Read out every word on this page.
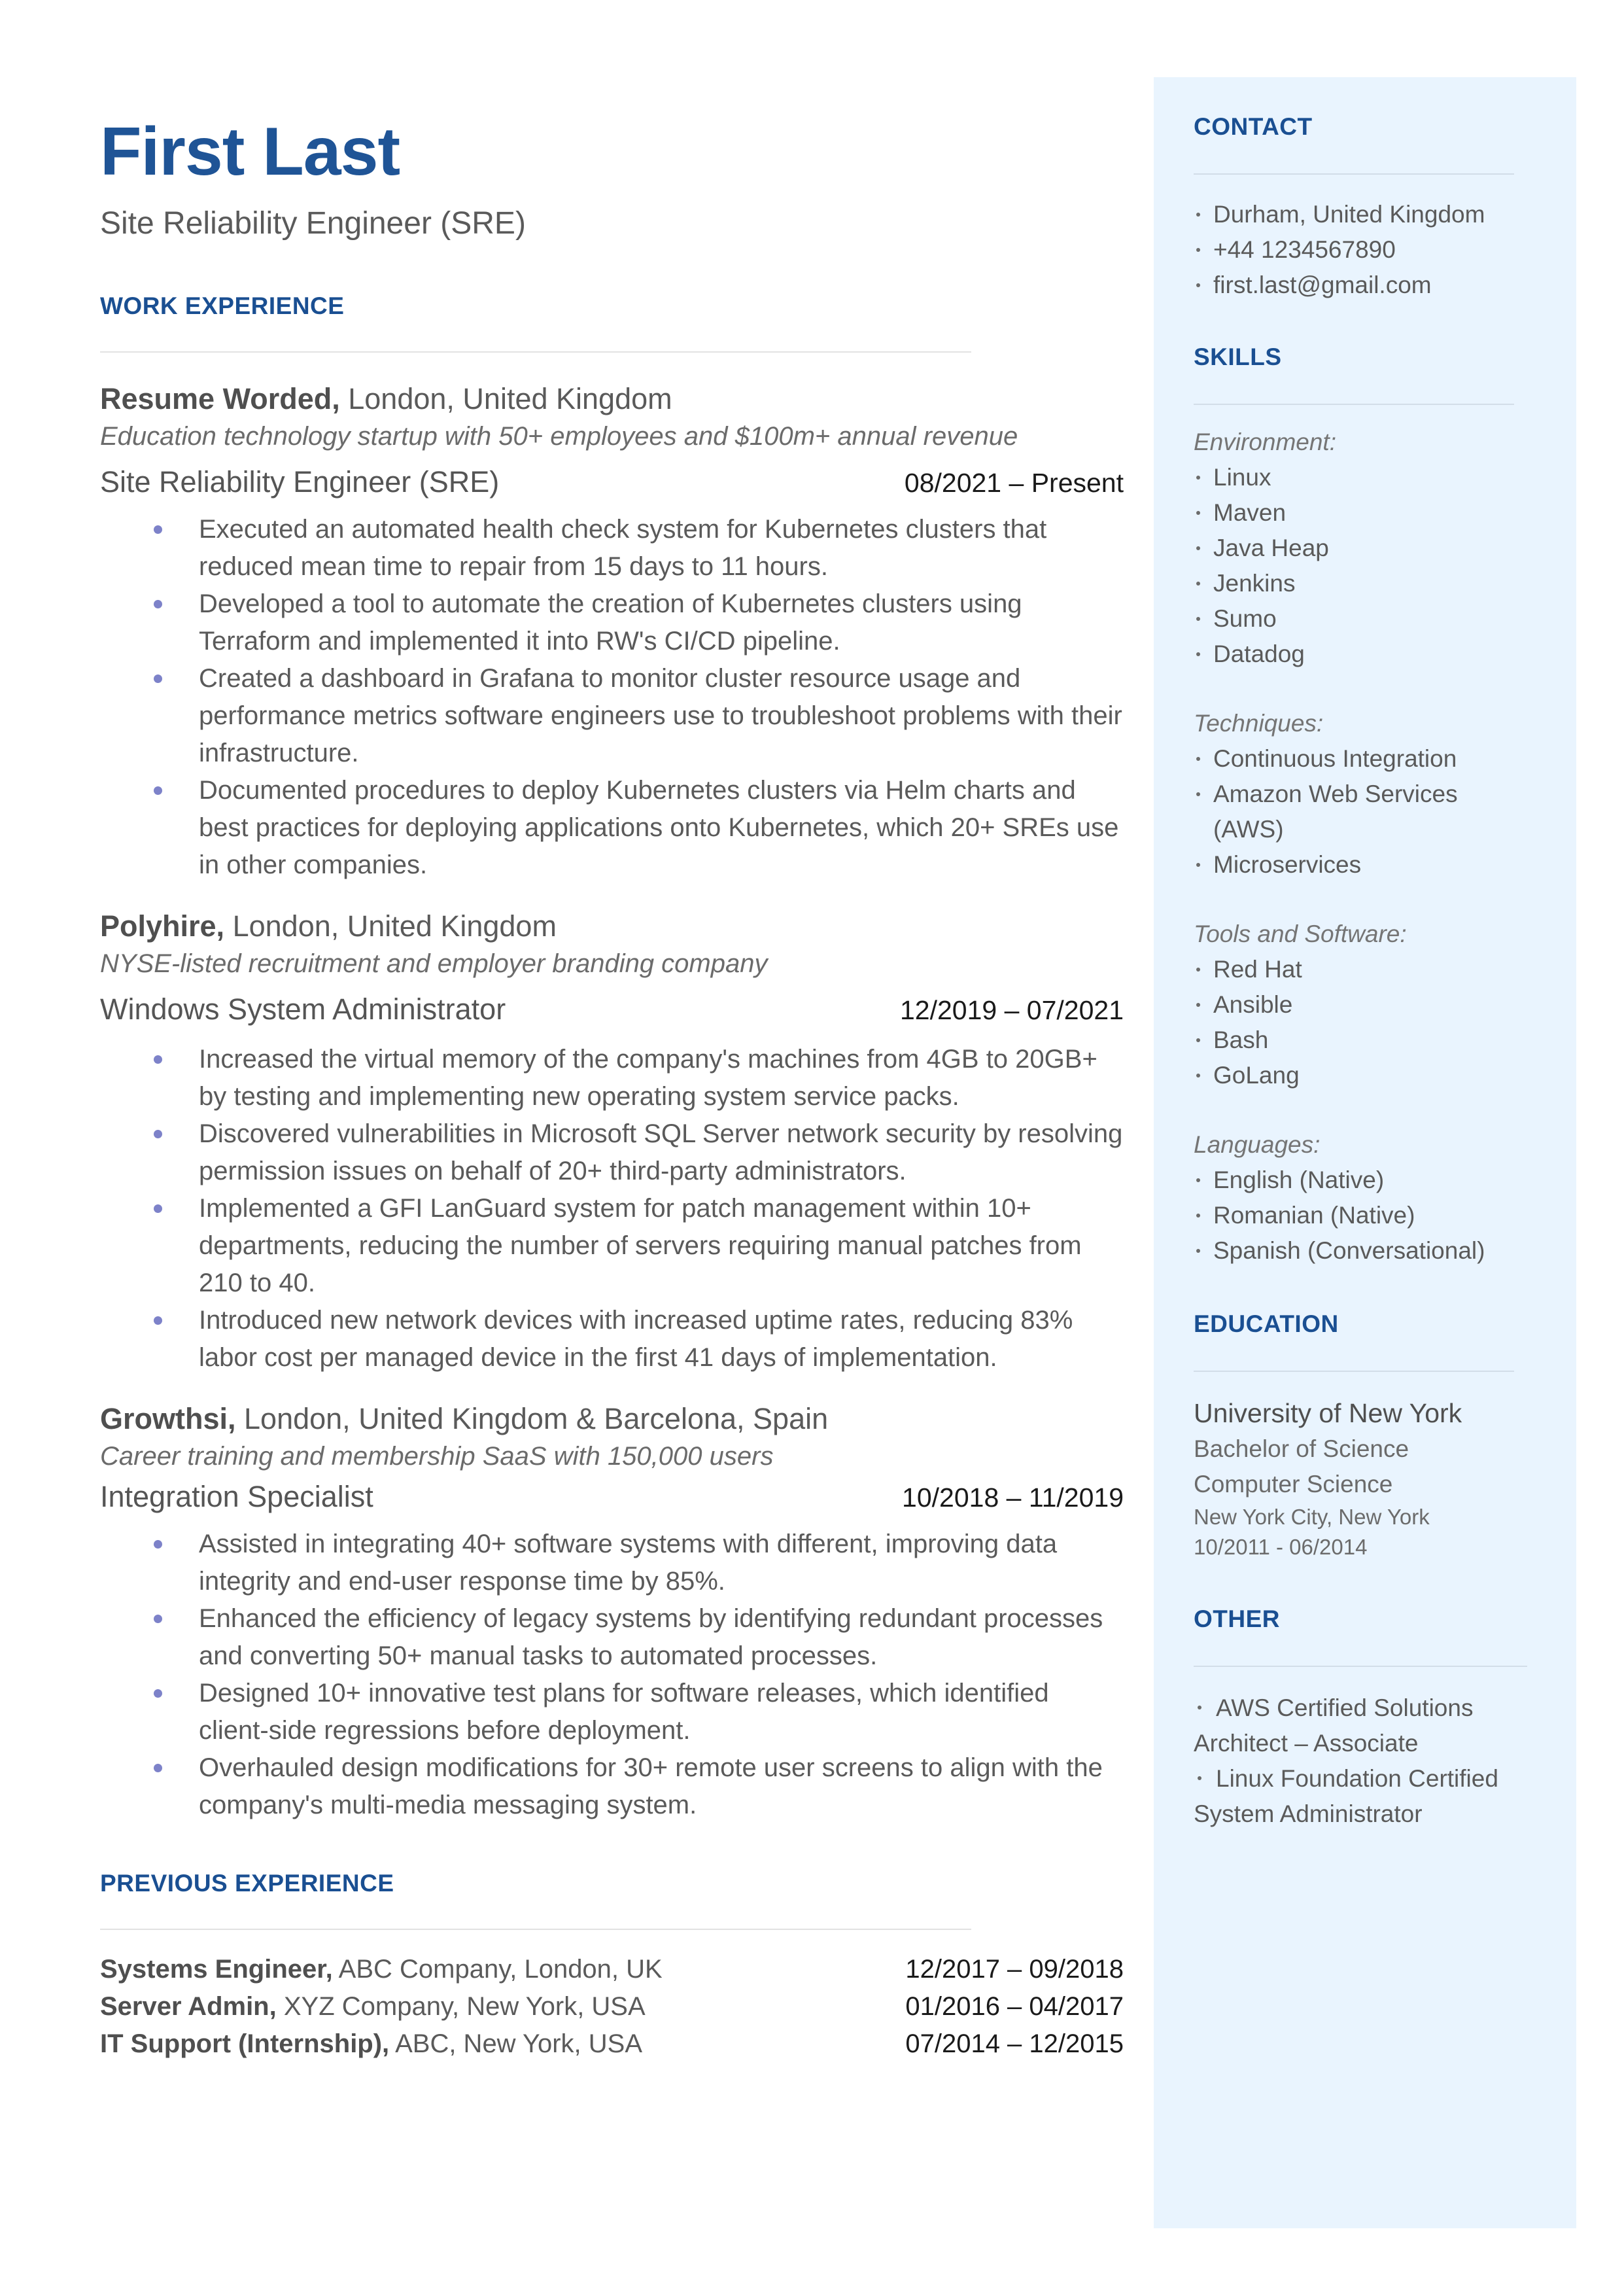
First Last
Site Reliability Engineer (SRE)
WORK EXPERIENCE
Resume Worded, London, United Kingdom
Education technology startup with 50+ employees and $100m+ annual revenue
Site Reliability Engineer (SRE)	08/2021 – Present
Executed an automated health check system for Kubernetes clusters that reduced mean time to repair from 15 days to 11 hours.
Developed a tool to automate the creation of Kubernetes clusters using Terraform and implemented it into RW's CI/CD pipeline.
Created a dashboard in Grafana to monitor cluster resource usage and performance metrics software engineers use to troubleshoot problems with their infrastructure.
Documented procedures to deploy Kubernetes clusters via Helm charts and best practices for deploying applications onto Kubernetes, which 20+ SREs use in other companies.
Polyhire, London, United Kingdom
NYSE-listed recruitment and employer branding company
Windows System Administrator	12/2019 – 07/2021
Increased the virtual memory of the company's machines from 4GB to 20GB+ by testing and implementing new operating system service packs.
Discovered vulnerabilities in Microsoft SQL Server network security by resolving permission issues on behalf of 20+ third-party administrators.
Implemented a GFI LanGuard system for patch management within 10+ departments, reducing the number of servers requiring manual patches from 210 to 40.
Introduced new network devices with increased uptime rates, reducing 83% labor cost per managed device in the first 41 days of implementation.
Growthsi, London, United Kingdom & Barcelona, Spain
Career training and membership SaaS with 150,000 users
Integration Specialist	10/2018 – 11/2019
Assisted in integrating 40+ software systems with different, improving data integrity and end-user response time by 85%.
Enhanced the efficiency of legacy systems by identifying redundant processes and converting 50+ manual tasks to automated processes.
Designed 10+ innovative test plans for software releases, which identified client-side regressions before deployment.
Overhauled design modifications for 30+ remote user screens to align with the company's multi-media messaging system.
PREVIOUS EXPERIENCE
Systems Engineer, ABC Company, London, UK	12/2017 – 09/2018
Server Admin, XYZ Company, New York, USA	01/2016 – 04/2017
IT Support (Internship), ABC, New York, USA	07/2014 – 12/2015
CONTACT
Durham, United Kingdom
+44 1234567890
first.last@gmail.com
SKILLS
Environment:
Linux
Maven
Java Heap
Jenkins
Sumo
Datadog
Techniques:
Continuous Integration
Amazon Web Services (AWS)
Microservices
Tools and Software:
Red Hat
Ansible
Bash
GoLang
Languages:
English (Native)
Romanian (Native)
Spanish (Conversational)
EDUCATION
University of New York
Bachelor of Science
Computer Science
New York City, New York
10/2011 - 06/2014
OTHER
AWS Certified Solutions Architect – Associate
Linux Foundation Certified System Administrator
